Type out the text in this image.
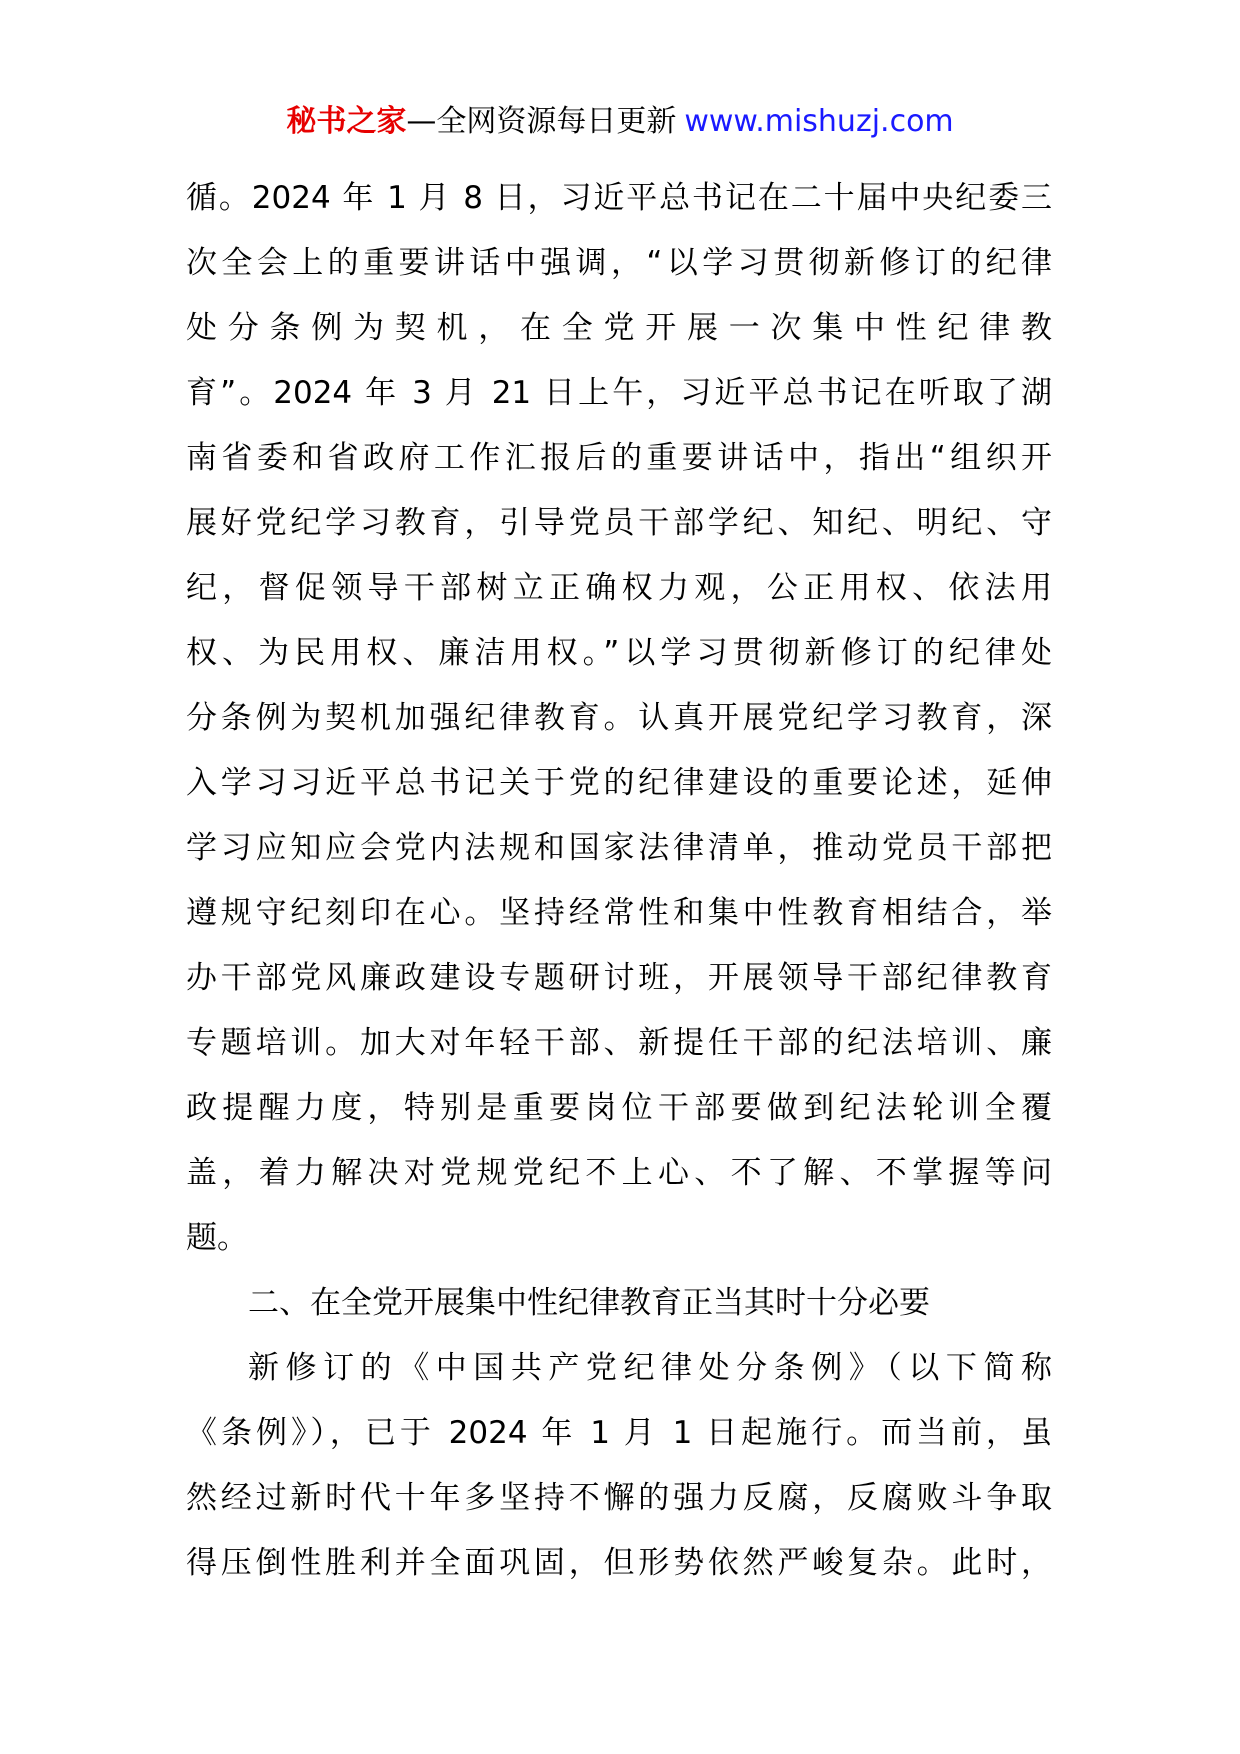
秘书之家—全网资源每日更新 www.mishuzj.com
循。2024 年 1 月 8 日，习近平总书记在二十届中央纪委三
次全会上的重要讲话中强调，“以学习贯彻新修订的纪律
处分条例为契机，在全党开展一次集中性纪律教
育”。2024 年 3 月 21 日上午，习近平总书记在听取了湖
南省委和省政府工作汇报后的重要讲话中，指出“组织开
展好党纪学习教育，引导党员干部学纪、知纪、明纪、守
纪，督促领导干部树立正确权力观，公正用权、依法用
权、为民用权、廉洁用权。”以学习贯彻新修订的纪律处
分条例为契机加强纪律教育。认真开展党纪学习教育，深
入学习习近平总书记关于党的纪律建设的重要论述，延伸
学习应知应会党内法规和国家法律清单，推动党员干部把
遵规守纪刻印在心。坚持经常性和集中性教育相结合，举
办干部党风廉政建设专题研讨班，开展领导干部纪律教育
专题培训。加大对年轻干部、新提任干部的纪法培训、廉
政提醒力度，特别是重要岗位干部要做到纪法轮训全覆
盖，着力解决对党规党纪不上心、不了解、不掌握等问
题。
二、在全党开展集中性纪律教育正当其时十分必要
新修订的《中国共产党纪律处分条例》（以下简称
《条例》），已于 2024 年 1 月 1 日起施行。而当前，虽
然经过新时代十年多坚持不懈的强力反腐，反腐败斗争取
得压倒性胜利并全面巩固，但形势依然严峻复杂。此时，
